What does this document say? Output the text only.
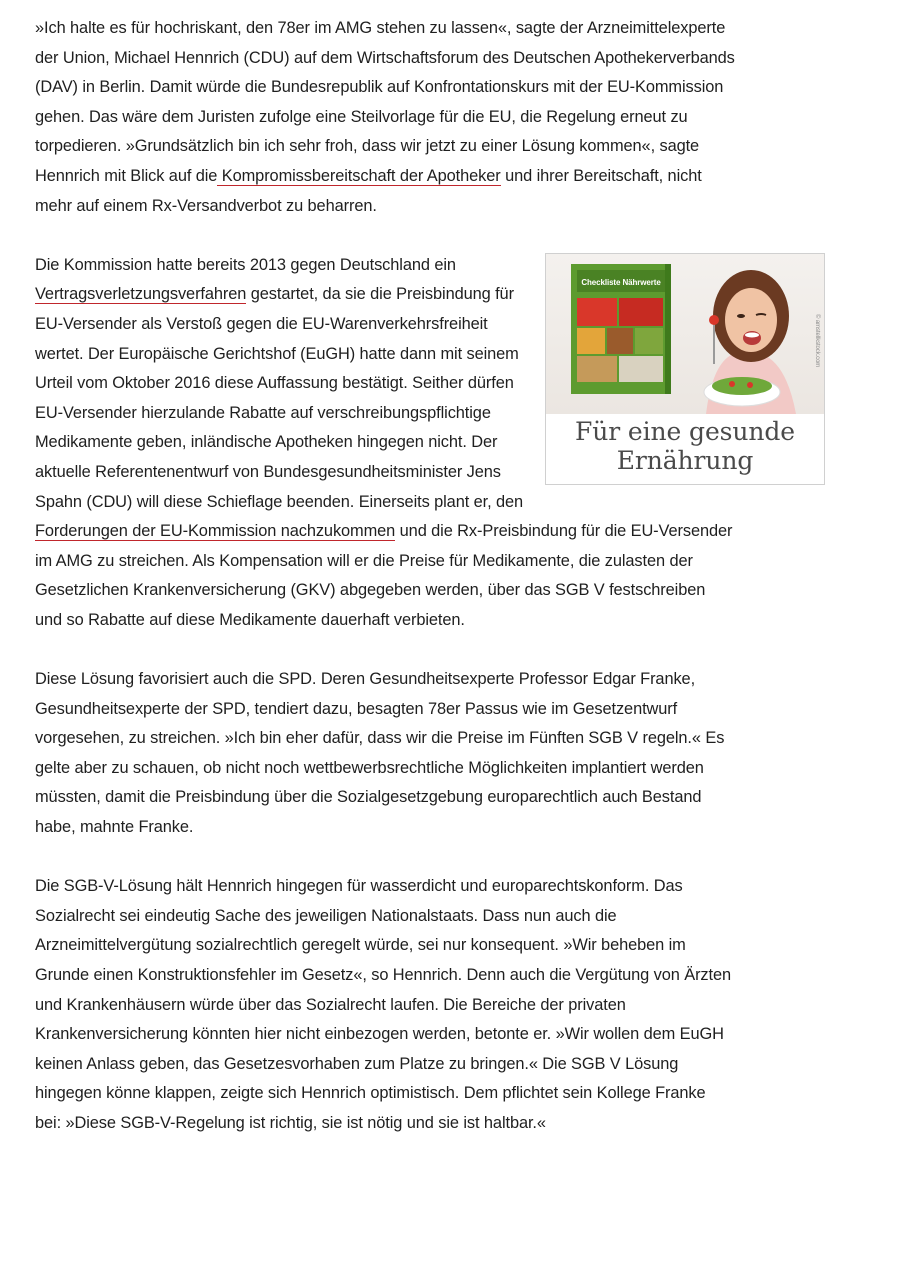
»Ich halte es für hochriskant, den 78er im AMG stehen zu lassen«, sagte der Arzneimittelexperte der Union, Michael Hennrich (CDU) auf dem Wirtschaftsforum des Deutschen Apothekerverbands (DAV) in Berlin. Damit würde die Bundesrepublik auf Konfrontationskurs mit der EU-Kommission gehen. Das wäre dem Juristen zufolge eine Steilvorlage für die EU, die Regelung erneut zu torpedieren. »Grundsätzlich bin ich sehr froh, dass wir jetzt zu einer Lösung kommen«, sagte Hennrich mit Blick auf die Kompromissbereitschaft der Apotheker und ihrer Bereitschaft, nicht mehr auf einem Rx-Versandverbot zu beharren.

Checkliste Nährwerte
© amstellkstock.com
Für eine gesunde
Ernährung
Die Kommission hatte bereits 2013 gegen Deutschland ein Vertragsverletzungsverfahren gestartet, da sie die Preisbindung für EU-Versender als Verstoß gegen die EU-Warenverkehrsfreiheit wertet. Der Europäische Gerichtshof (EuGH) hatte dann mit seinem Urteil vom Oktober 2016 diese Auffassung bestätigt. Seither dürfen EU-Versender hierzulande Rabatte auf verschreibungspflichtige Medikamente geben, inländische Apotheken hingegen nicht. Der aktuelle Referentenentwurf von Bundesgesundheitsminister Jens Spahn (CDU) will diese Schieflage beenden. Einerseits plant er, den Forderungen der EU-Kommission nachzukommen und die Rx-Preisbindung für die EU-Versender im AMG zu streichen. Als Kompensation will er die Preise für Medikamente, die zulasten der Gesetzlichen Krankenversicherung (GKV) abgegeben werden, über das SGB V festschreiben und so Rabatte auf diese Medikamente dauerhaft verbieten.

Diese Lösung favorisiert auch die SPD. Deren Gesundheitsexperte Professor Edgar Franke, Gesundheitsexperte der SPD, tendiert dazu, besagten 78er Passus wie im Gesetzentwurf vorgesehen, zu streichen. »Ich bin eher dafür, dass wir die Preise im Fünften SGB V regeln.« Es gelte aber zu schauen, ob nicht noch wettbewerbsrechtliche Möglichkeiten implantiert werden müssten, damit die Preisbindung über die Sozialgesetzgebung europarechtlich auch Bestand habe, mahnte Franke.

Die SGB-V-Lösung hält Hennrich hingegen für wasserdicht und europarechtskonform. Das Sozialrecht sei eindeutig Sache des jeweiligen Nationalstaats. Dass nun auch die Arzneimittelvergütung sozialrechtlich geregelt würde, sei nur konsequent. »Wir beheben im Grunde einen Konstruktionsfehler im Gesetz«, so Hennrich. Denn auch die Vergütung von Ärzten und Krankenhäusern würde über das Sozialrecht laufen. Die Bereiche der privaten Krankenversicherung könnten hier nicht einbezogen werden, betonte er. »Wir wollen dem EuGH keinen Anlass geben, das Gesetzesvorhaben zum Platze zu bringen.« Die SGB V Lösung hingegen könne klappen, zeigte sich Hennrich optimistisch. Dem pflichtet sein Kollege Franke bei: »Diese SGB-V-Regelung ist richtig, sie ist nötig und sie ist haltbar.«
